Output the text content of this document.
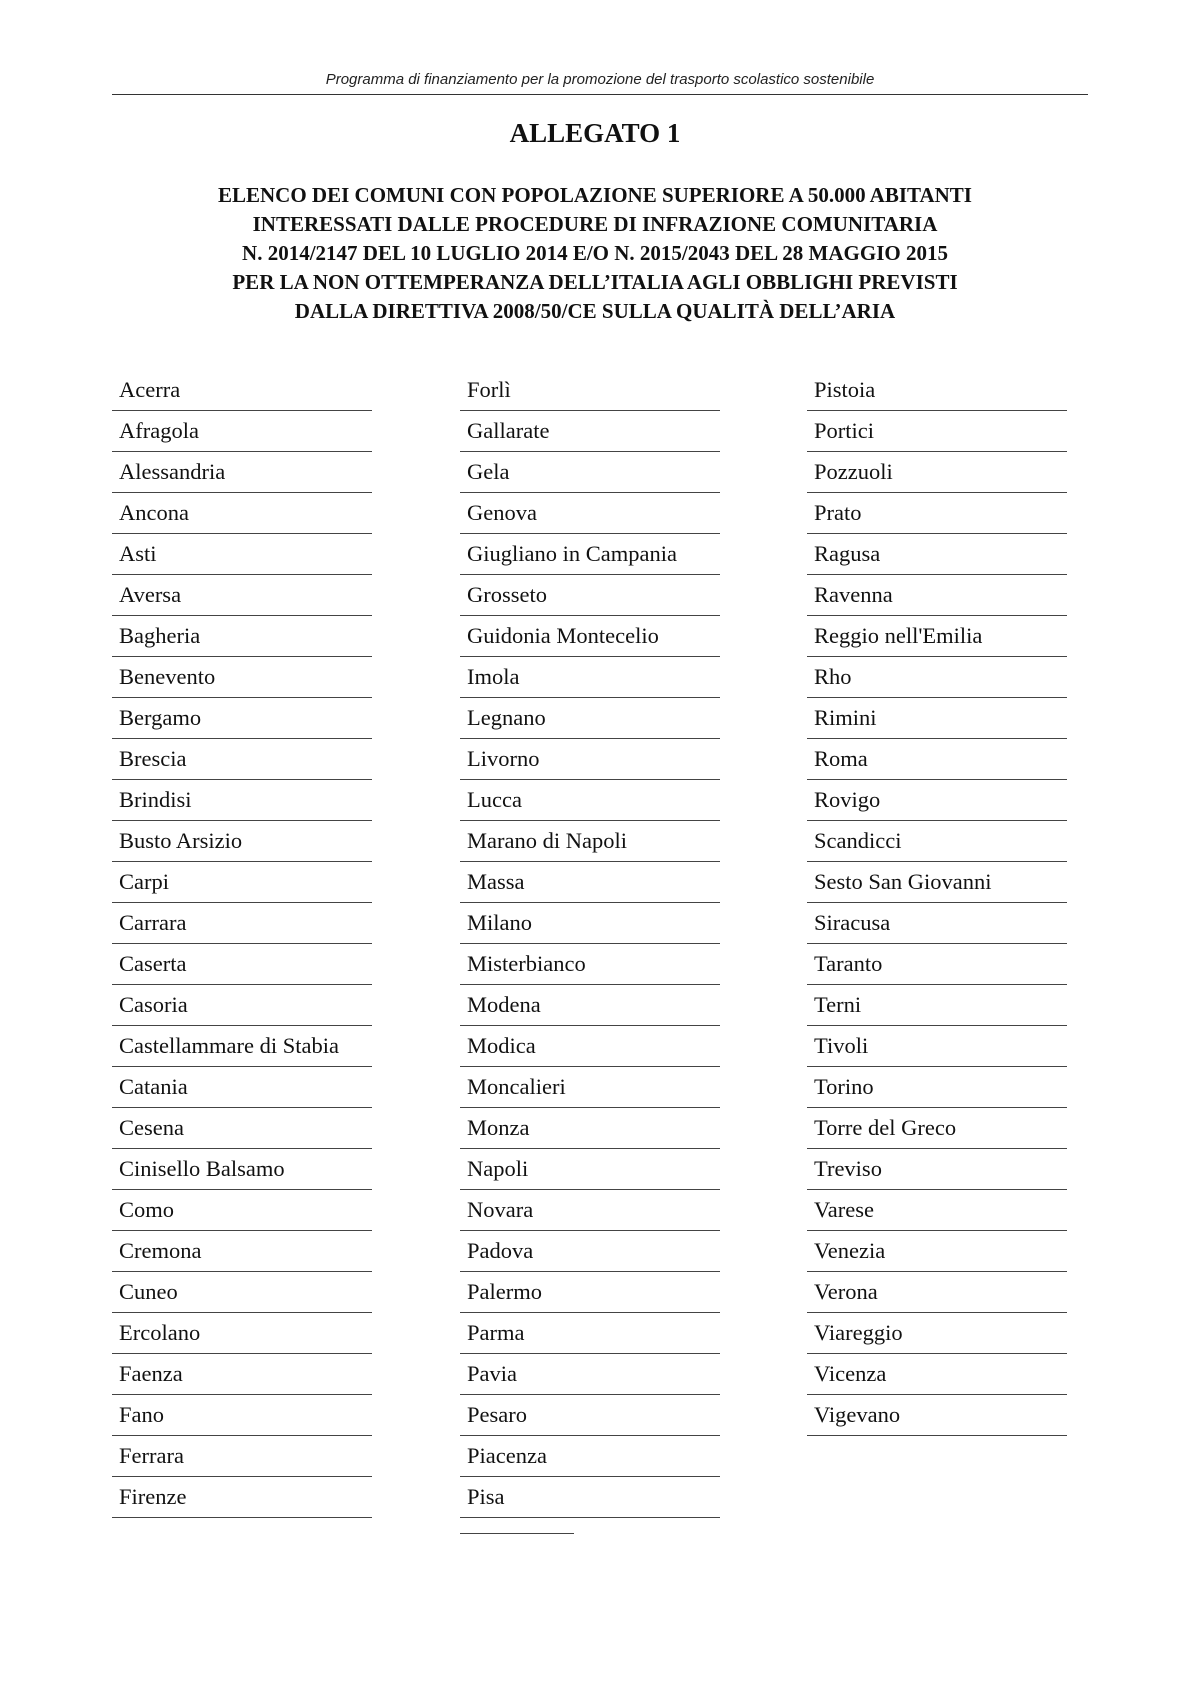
Programma di finanziamento per la promozione del trasporto scolastico sostenibile
ALLEGATO 1
ELENCO DEI COMUNI CON POPOLAZIONE SUPERIORE A 50.000 ABITANTI
INTERESSATI DALLE PROCEDURE DI INFRAZIONE COMUNITARIA
N. 2014/2147 DEL 10 LUGLIO 2014 E/O N. 2015/2043 DEL 28 MAGGIO 2015
PER LA NON OTTEMPERANZA DELL’ITALIA AGLI OBBLIGHI PREVISTI
DALLA DIRETTIVA 2008/50/CE SULLA QUALITÀ DELL’ARIA
Acerra
Afragola
Alessandria
Ancona
Asti
Aversa
Bagheria
Benevento
Bergamo
Brescia
Brindisi
Busto Arsizio
Carpi
Carrara
Caserta
Casoria
Castellammare di Stabia
Catania
Cesena
Cinisello Balsamo
Como
Cremona
Cuneo
Ercolano
Faenza
Fano
Ferrara
Firenze
Forlì
Gallarate
Gela
Genova
Giugliano in Campania
Grosseto
Guidonia Montecelio
Imola
Legnano
Livorno
Lucca
Marano di Napoli
Massa
Milano
Misterbianco
Modena
Modica
Moncalieri
Monza
Napoli
Novara
Padova
Palermo
Parma
Pavia
Pesaro
Piacenza
Pisa
Pistoia
Portici
Pozzuoli
Prato
Ragusa
Ravenna
Reggio nell'Emilia
Rho
Rimini
Roma
Rovigo
Scandicci
Sesto San Giovanni
Siracusa
Taranto
Terni
Tivoli
Torino
Torre del Greco
Treviso
Varese
Venezia
Verona
Viareggio
Vicenza
Vigevano
